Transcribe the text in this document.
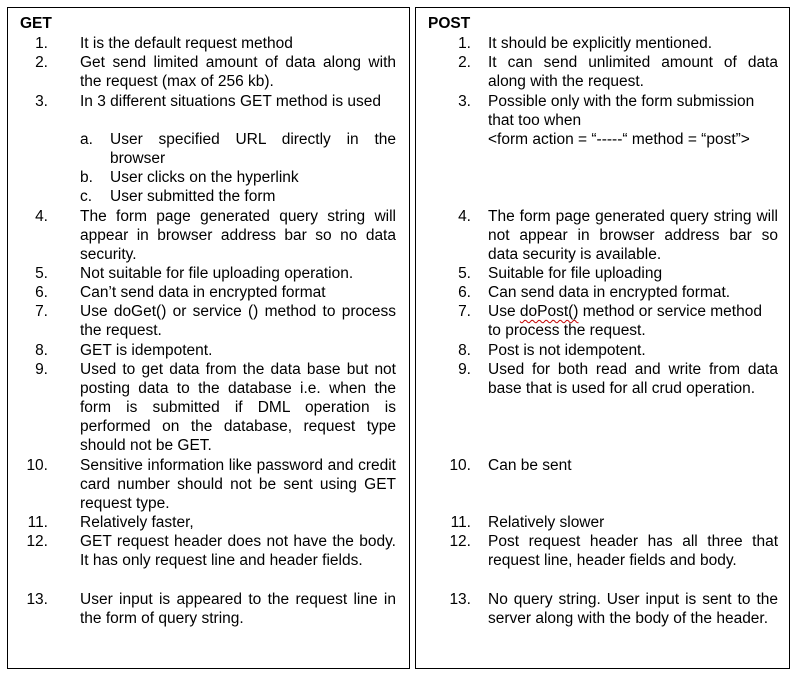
GET
1. It is the default request method
2. Get send limited amount of data along with the request (max of 256 kb).
3. In 3 different situations GET method is used
a.	User specified URL directly in the browser
b.	User clicks on the hyperlink
c.	User submitted the form
4. The form page generated query string will appear in browser address bar so no data security.
5. Not suitable for file uploading operation.
6. Can’t send data in encrypted format
7. Use doGet() or service () method to process the request.
8. GET is idempotent.
9. Used to get data from the data base but not posting data to the database i.e. when the form is submitted if DML operation is performed on the database, request type should not be GET.
10. Sensitive information like password and credit card number should not be sent using GET request type.
11. Relatively faster,
12. GET request header does not have the body. It has only request line and header fields.
13. User input is appeared to the request line in the form of query string.
POST
1. It should be explicitly mentioned.
2. It can send unlimited amount of data along with the request.
3. Possible only with the form submission that too when
<form action = “-----“ method = “post”>
4. The form page generated query string will not appear in browser address bar so data security is available.
5. Suitable for file uploading
6. Can send data in encrypted format.
7. Use doPost() method or service method to process the request.
8. Post is not idempotent.
9. Used for both read and write from data base that is used for all crud operation.
10. Can be sent
11. Relatively slower
12. Post request header has all three that request line, header fields and body.
13. No query string. User input is sent to the server along with the body of the header.
